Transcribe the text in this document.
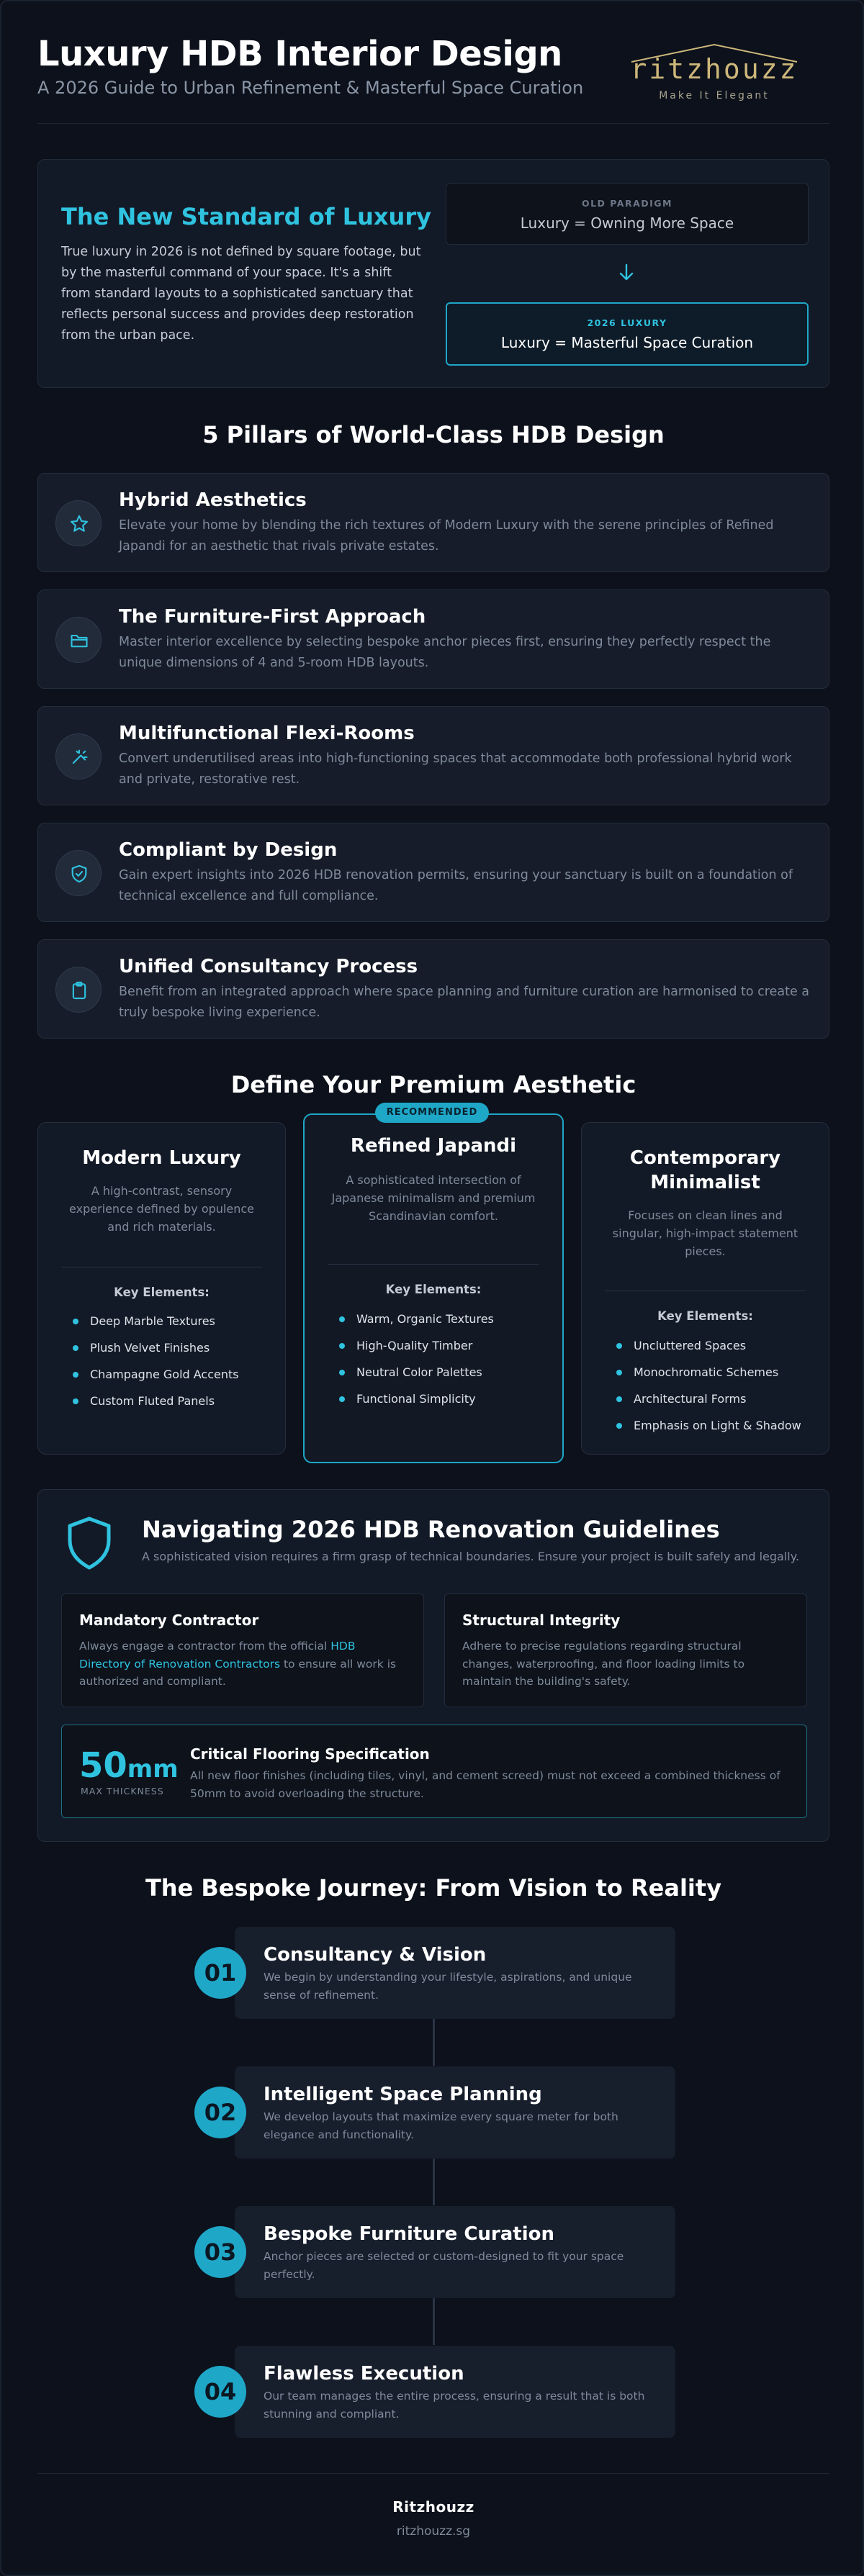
Luxury HDB Interior Design
A 2026 Guide to Urban Refinement & Masterful Space Curation
ritzhouzz
Make It Elegant
The New Standard of Luxury

True luxury in 2026 is not defined by square footage, but by the masterful command of your space. It's a shift from standard layouts to a sophisticated sanctuary that reflects personal success and provides deep restoration from the urban pace.

OLD PARADIGM
Luxury = Owning More Space
2026 LUXURY
Luxury = Masterful Space Curation
5 Pillars of World-Class HDB Design
Hybrid Aesthetics

Elevate your home by blending the rich textures of Modern Luxury with the serene principles of Refined Japandi for an aesthetic that rivals private estates.

The Furniture-First Approach

Master interior excellence by selecting bespoke anchor pieces first, ensuring they perfectly respect the unique dimensions of 4 and 5-room HDB layouts.

Multifunctional Flexi-Rooms

Convert underutilised areas into high-functioning spaces that accommodate both professional hybrid work and private, restorative rest.

Compliant by Design

Gain expert insights into 2026 HDB renovation permits, ensuring your sanctuary is built on a foundation of technical excellence and full compliance.

Unified Consultancy Process

Benefit from an integrated approach where space planning and furniture curation are harmonised to create a truly bespoke living experience.

Define Your Premium Aesthetic
Modern Luxury
A high-contrast, sensory experience defined by opulence and rich materials.
Key Elements:
Deep Marble Textures
Plush Velvet Finishes
Champagne Gold Accents
Custom Fluted Panels
Refined Japandi
A sophisticated intersection of Japanese minimalism and premium Scandinavian comfort.
Key Elements:
Warm, Organic Textures
High-Quality Timber
Neutral Color Palettes
Functional Simplicity
RECOMMENDED
Contemporary Minimalist
Focuses on clean lines and singular, high-impact statement pieces.
Key Elements:
Uncluttered Spaces
Monochromatic Schemes
Architectural Forms
Emphasis on Light & Shadow
Navigating 2026 HDB Renovation Guidelines
A sophisticated vision requires a firm grasp of technical boundaries. Ensure your project is built safely and legally.
Mandatory Contractor

Always engage a contractor from the official HDB Directory of Renovation Contractors to ensure all work is authorized and compliant.

Structural Integrity

Adhere to precise regulations regarding structural changes, waterproofing, and floor loading limits to maintain the building's safety.

50mm
MAX THICKNESS
Critical Flooring Specification

All new floor finishes (including tiles, vinyl, and cement screed) must not exceed a combined thickness of 50mm to avoid overloading the structure.

The Bespoke Journey: From Vision to Reality
Consultancy & Vision

We begin by understanding your lifestyle, aspirations, and unique sense of refinement.

01
Intelligent Space Planning

We develop layouts that maximize every square meter for both elegance and functionality.

02
Bespoke Furniture Curation

Anchor pieces are selected or custom-designed to fit your space perfectly.

03
Flawless Execution

Our team manages the entire process, ensuring a result that is both stunning and compliant.

04
Ritzhouzz
ritzhouzz.sg
